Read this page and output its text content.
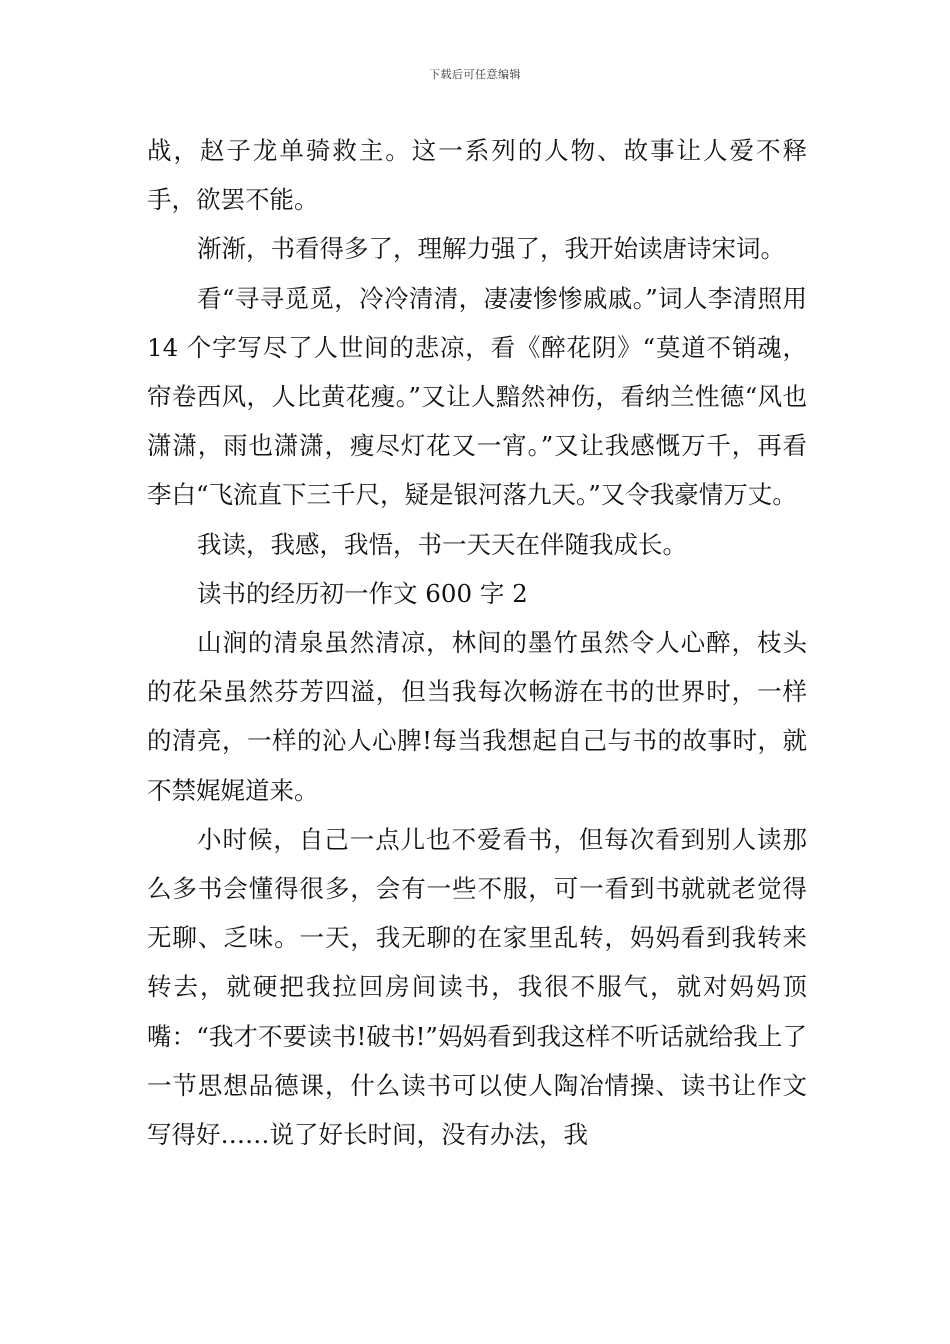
下载后可任意编辑

战，赵子龙单骑救主。这一系列的人物、故事让人爱不释手，欲罢不能。

渐渐，书看得多了，理解力强了，我开始读唐诗宋词。

看“寻寻觅觅，冷冷清清，凄凄惨惨戚戚。”词人李清照用 14 个字写尽了人世间的悲凉，看《醉花阴》“莫道不销魂，帘卷西风，人比黄花瘦。”又让人黯然神伤，看纳兰性德“风也潇潇，雨也潇潇，瘦尽灯花又一宵。”又让我感慨万千，再看李白“飞流直下三千尺，疑是银河落九天。”又令我豪情万丈。

我读，我感，我悟，书一天天在伴随我成长。

读书的经历初一作文 600 字 2

山涧的清泉虽然清凉，林间的墨竹虽然令人心醉，枝头的花朵虽然芬芳四溢，但当我每次畅游在书的世界时，一样的清亮，一样的沁人心脾!每当我想起自己与书的故事时，就不禁娓娓道来。

小时候，自己一点儿也不爱看书，但每次看到别人读那么多书会懂得很多，会有一些不服，可一看到书就就老觉得无聊、乏味。一天，我无聊的在家里乱转，妈妈看到我转来转去，就硬把我拉回房间读书，我很不服气，就对妈妈顶嘴：“我才不要读书!破书!”妈妈看到我这样不听话就给我上了一节思想品德课，什么读书可以使人陶冶情操、读书让作文写得好……说了好长时间，没有办法，我
